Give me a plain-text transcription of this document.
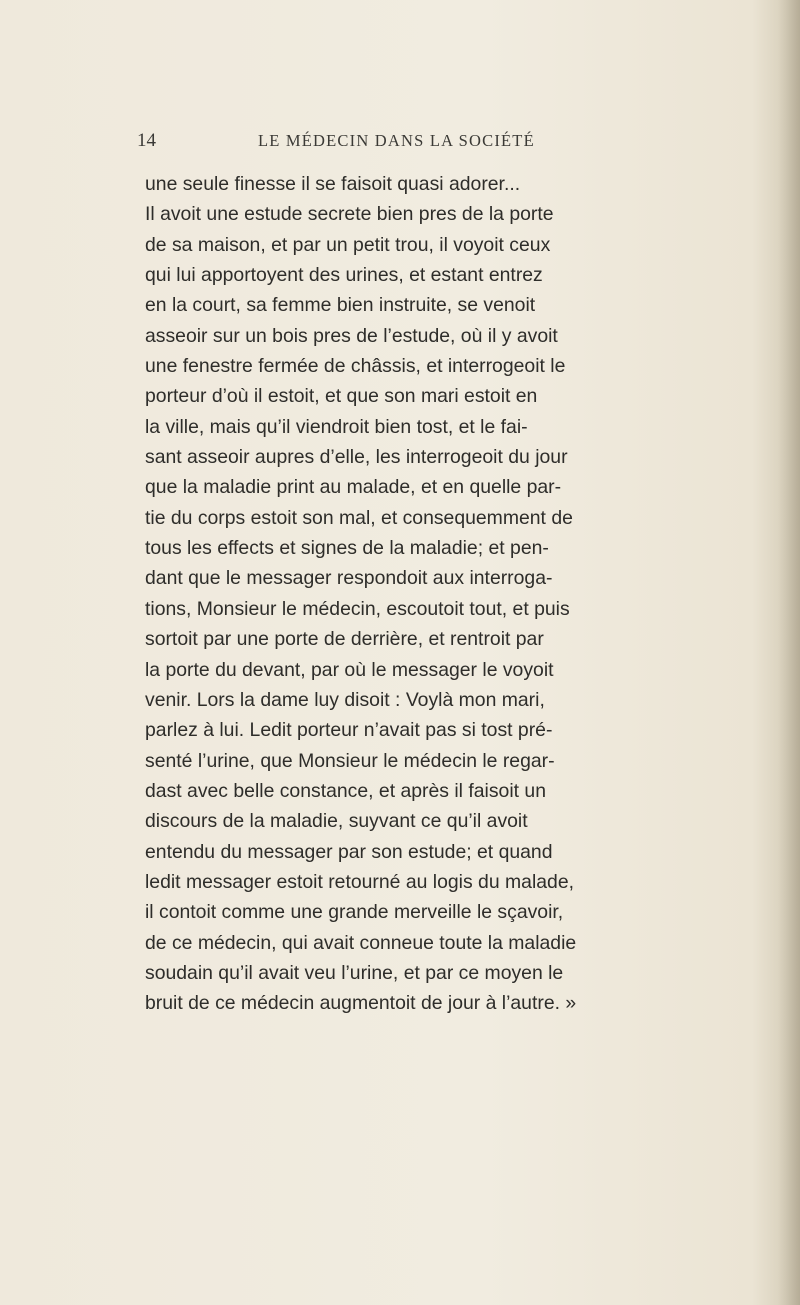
14	LE MÉDECIN DANS LA SOCIÉTÉ
une seule finesse il se faisoit quasi adorer...
Il avoit une estude secrete bien pres de la porte
de sa maison, et par un petit trou, il voyoit ceux
qui lui apportoyent des urines, et estant entrez
en la court, sa femme bien instruite, se venoit
asseoir sur un bois pres de l’estude, où il y avoit
une fenestre fermée de châssis, et interrogeoit le
porteur d’où il estoit, et que son mari estoit en
la ville, mais qu’il viendroit bien tost, et le fai-
sant asseoir aupres d’elle, les interrogeoit du jour
que la maladie print au malade, et en quelle par-
tie du corps estoit son mal, et consequemment de
tous les effects et signes de la maladie; et pen-
dant que le messager respondoit aux interroga-
tions, Monsieur le médecin, escoutoit tout, et puis
sortoit par une porte de derrière, et rentroit par
la porte du devant, par où le messager le voyoit
venir. Lors la dame luy disoit : Voylà mon mari,
parlez à lui. Ledit porteur n’avait pas si tost pré-
senté l’urine, que Monsieur le médecin le regar-
dast avec belle constance, et après il faisoit un
discours de la maladie, suyvant ce qu’il avoit
entendu du messager par son estude; et quand
ledit messager estoit retourné au logis du malade,
il contoit comme une grande merveille le sçavoir,
de ce médecin, qui avait conneue toute la maladie
soudain qu’il avait veu l’urine, et par ce moyen le
bruit de ce médecin augmentoit de jour à l’autre. »
